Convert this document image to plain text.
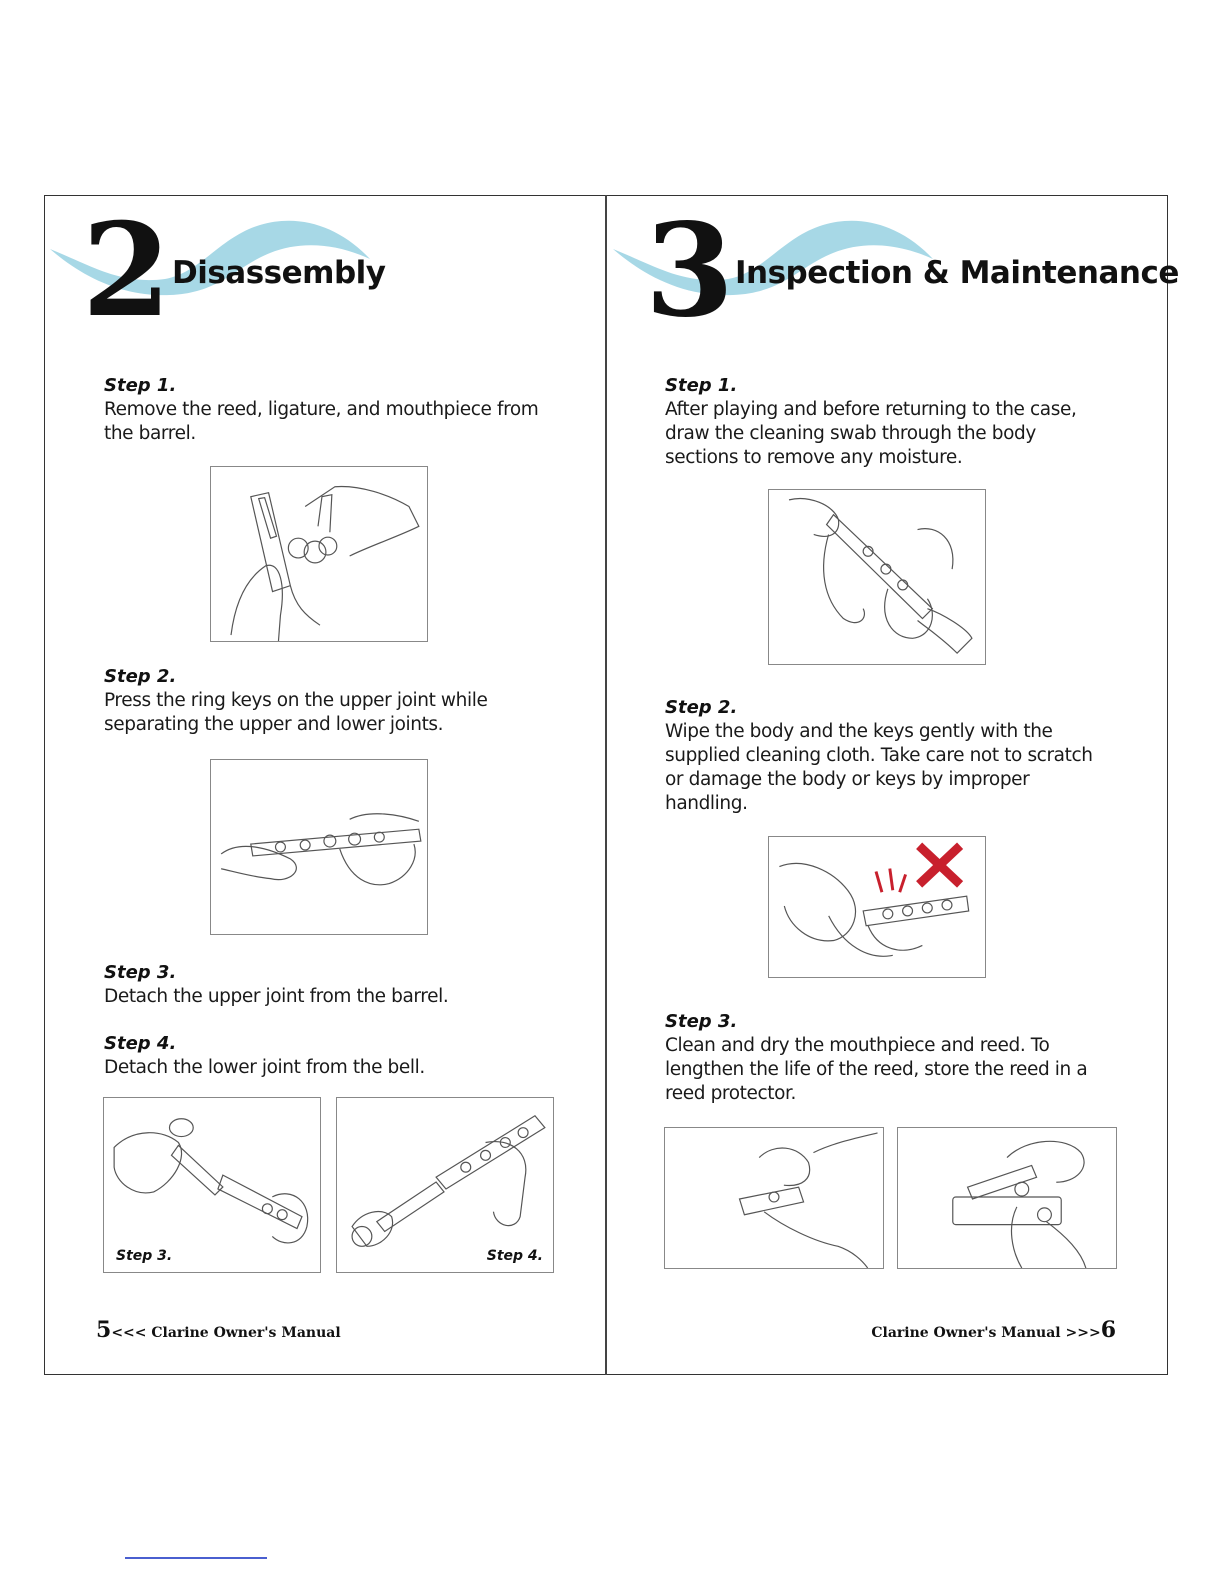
2 Disassembly
Step 1.
Remove the reed, ligature, and mouthpiece from the barrel.
Step 2.
Press the ring keys on the upper joint while separating the upper and lower joints.
Step 3.
Detach the upper joint from the barrel.
Step 4.
Detach the lower joint from the bell.
Step 3.	Step 4.
5<<< Clarine Owner's Manual
3 Inspection & Maintenance
Step 1.
After playing and before returning to the case, draw the cleaning swab through the body sections to remove any moisture.
Step 2.
Wipe the body and the keys gently with the supplied cleaning cloth. Take care not to scratch or damage the body or keys by improper handling.
Step 3.
Clean and dry the mouthpiece and reed. To lengthen the life of the reed, store the reed in a reed protector.
Clarine Owner's Manual >>>6
